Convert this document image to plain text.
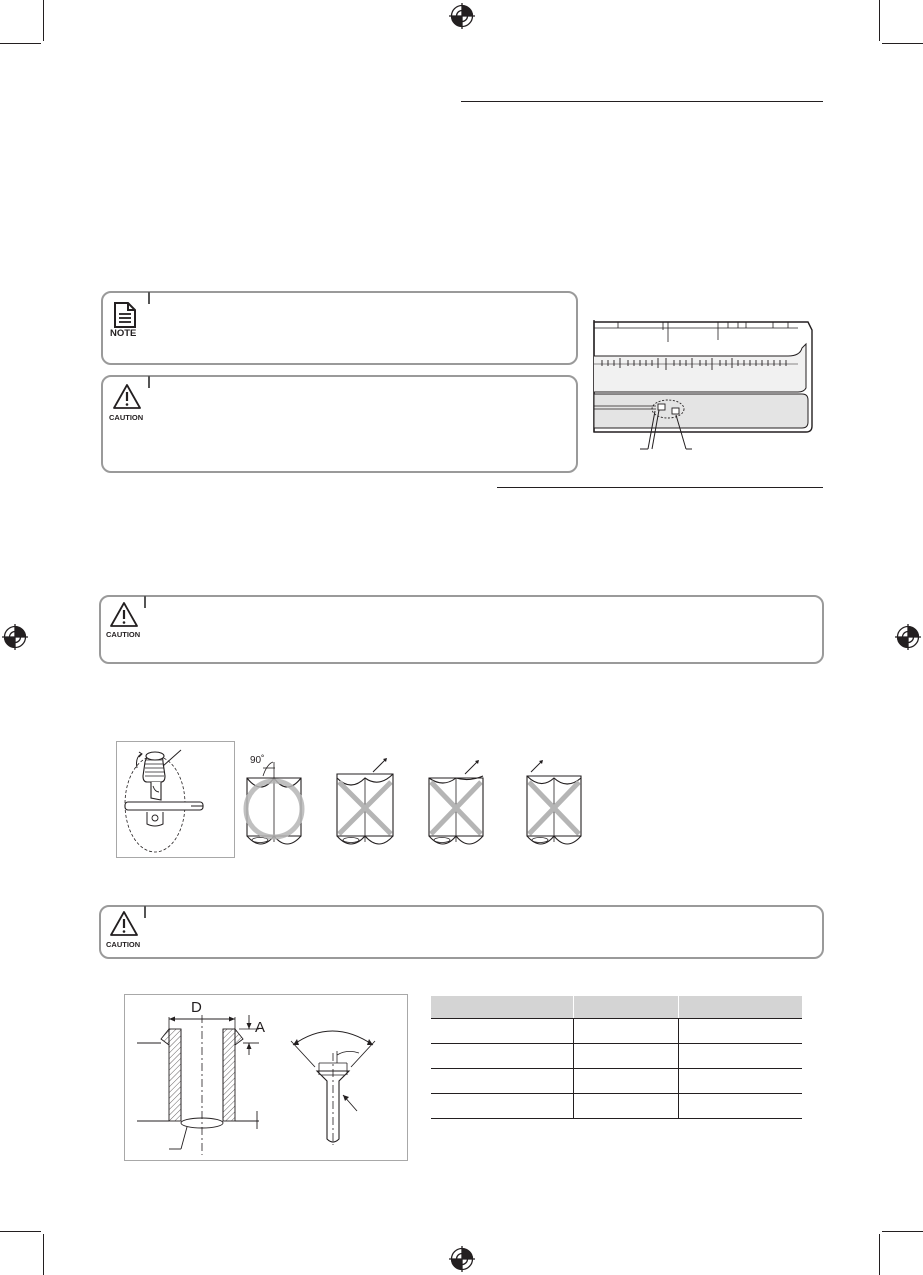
NOTE
CAUTION
CAUTION
CAUTION
90˚
D
A
